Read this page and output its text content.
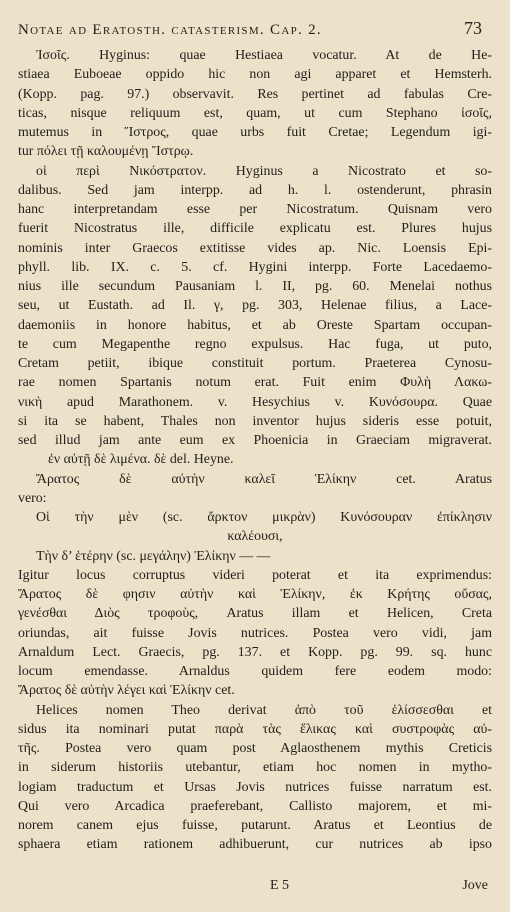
Notae ad Eratosth. catasterism. Cap. 2.	73
Ἰσοῖς. Hyginus: quae Hestiaea vocatur. At de He-
stiaea Euboeae oppido hic non agi apparet et Hemsterh.
(Kopp. pag. 97.) observavit. Res pertinet ad fabulas Cre-
ticas, nisque reliquum est, quam, ut cum Stephano ἰσοῖς,
mutemus in Ἴστρος, quae urbs fuit Cretae; Legendum igi-
tur πόλει τῇ καλουμένῃ Ἴστρῳ.
οἱ περὶ Νικόστρατον. Hyginus a Nicostrato et so-
dalibus. Sed jam interpp. ad h. l. ostenderunt, phrasin
hanc interpretandam esse per Nicostratum. Quisnam vero
fuerit Nicostratus ille, difficile explicatu est. Plures hujus
nominis inter Graecos extitisse vides ap. Nic. Loensis Epi-
phyll. lib. IX. c. 5. cf. Hygini interpp. Forte Lacedaemo-
nius ille secundum Pausaniam l. II, pg. 60. Menelai nothus
seu, ut Eustath. ad Il. γ, pg. 303, Helenae filius, a Lace-
daemoniis in honore habitus, et ab Oreste Spartam occupan-
te cum Megapenthe regno expulsus. Hac fuga, ut puto,
Cretam petiit, ibique constituit portum. Praeterea Cynosu-
rae nomen Spartanis notum erat. Fuit enim Φυλὴ Λακω-
νικὴ apud Marathonem. v. Hesychius v. Κυνόσουρα. Quae
si ita se habent, Thales non inventor hujus sideris esse potuit,
sed illud jam ante eum ex Phoenicia in Graeciam migraverat.
ἐν αὐτῇ δὲ λιμένα. δὲ del. Heyne.
Ἄρατος δὲ αὐτὴν καλεῖ Ἑλίκην cet. Aratus
vero:
Οἱ τὴν μὲν (sc. ἄρκτον μικρὰν) Κυνόσουραν ἐπίκλησιν
καλέουσι,
Τὴν δ’ ἑτέρην (sc. μεγάλην) Ἑλίκην — —
Igitur locus corruptus videri poterat et ita exprimendus:
Ἄρατος δὲ φησιν αὐτὴν καὶ Ἑλίκην, ἐκ Κρήτης οὔσας,
γενέσθαι Διὸς τροφοὺς, Aratus illam et Helicen, Creta
oriundas, ait fuisse Jovis nutrices. Postea vero vidi, jam
Arnaldum Lect. Graecis, pg. 137. et Kopp. pg. 99. sq. hunc
locum emendasse. Arnaldus quidem fere eodem modo:
Ἄρατος δὲ αὐτὴν λέγει καὶ Ἑλίκην cet.
Helices nomen Theo derivat ἀπὸ τοῦ ἑλίσσεσθαι et
sidus ita nominari putat παρὰ τὰς ἕλικας καὶ συστροφὰς αὐ-
τῆς. Postea vero quam post Aglaosthenem mythis Creticis
in siderum historiis utebantur, etiam hoc nomen in mytho-
logiam traductum et Ursas Jovis nutrices fuisse narratum est.
Qui vero Arcadica praeferebant, Callisto majorem, et mi-
norem canem ejus fuisse, putarunt. Aratus et Leontius de
sphaera etiam rationem adhibuerunt, cur nutrices ab ipso
E 5	Jove
